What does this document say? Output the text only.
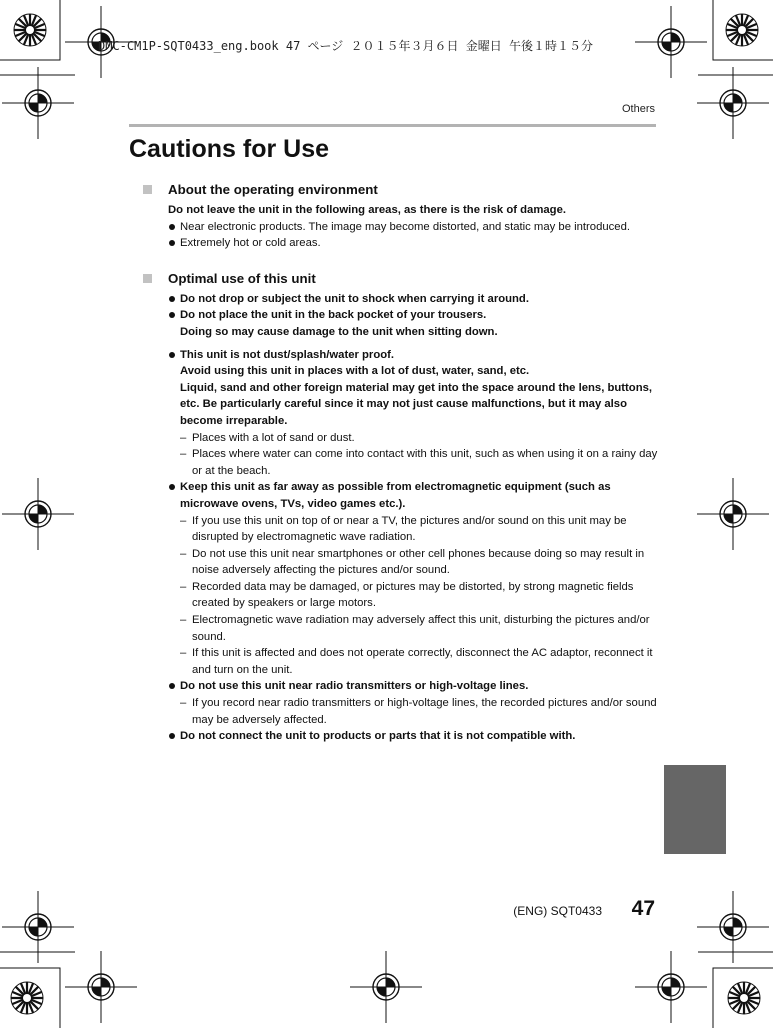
DMC-CM1P-SQT0433_eng.book 47 ページ ２０１５年３月６日 金曜日 午後１時１５分
Others
Cautions for Use
About the operating environment

Do not leave the unit in the following areas, as there is the risk of damage.

Near electronic products. The image may become distorted, and static may be introduced.

Extremely hot or cold areas.

Optimal use of this unit

Do not drop or subject the unit to shock when carrying it around.

Do not place the unit in the back pocket of your trousers.

Doing so may cause damage to the unit when sitting down.

This unit is not dust/splash/water proof.

Avoid using this unit in places with a lot of dust, water, sand, etc.

Liquid, sand and other foreign material may get into the space around the lens, buttons, etc. Be particularly careful since it may not just cause malfunctions, but it may also become irreparable.

– Places with a lot of sand or dust.

– Places where water can come into contact with this unit, such as when using it on a rainy day or at the beach.

Keep this unit as far away as possible from electromagnetic equipment (such as microwave ovens, TVs, video games etc.).

– If you use this unit on top of or near a TV, the pictures and/or sound on this unit may be disrupted by electromagnetic wave radiation.

– Do not use this unit near smartphones or other cell phones because doing so may result in noise adversely affecting the pictures and/or sound.

– Recorded data may be damaged, or pictures may be distorted, by strong magnetic fields created by speakers or large motors.

– Electromagnetic wave radiation may adversely affect this unit, disturbing the pictures and/or sound.

– If this unit is affected and does not operate correctly, disconnect the AC adaptor, reconnect it and turn on the unit.

Do not use this unit near radio transmitters or high-voltage lines.

– If you record near radio transmitters or high-voltage lines, the recorded pictures and/or sound may be adversely affected.

Do not connect the unit to products or parts that it is not compatible with.

(ENG) SQT0433 47
